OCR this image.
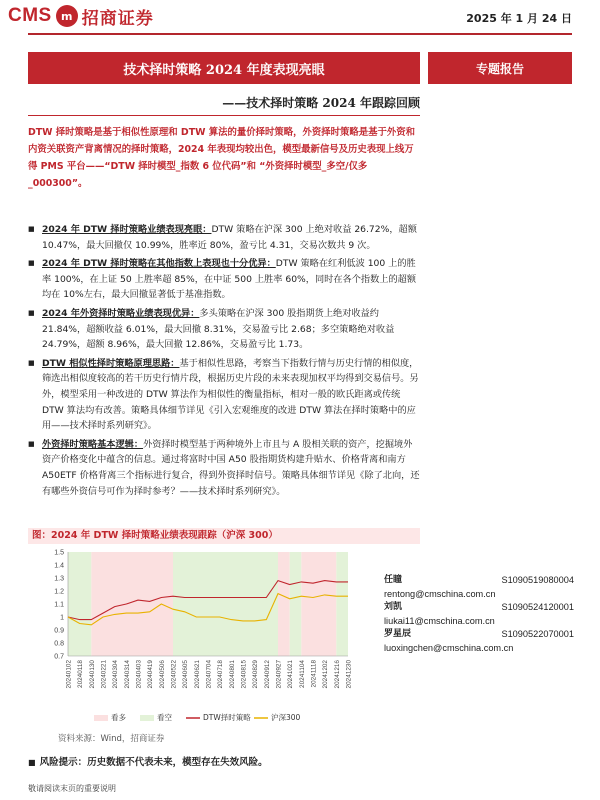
CMS m 招商证券	2025 年 1 月 24 日
技术择时策略 2024 年度表现亮眼	专题报告
——技术择时策略 2024 年跟踪回顾
DTW 择时策略是基于相似性原理和 DTW 算法的量价择时策略，外资择时策略是基于外资和内资关联资产背离情况的择时策略，2024 年表现均较出色，模型最新信号及历史表现上线万得 PMS 平台——“DTW 择时模型_指数 6 位代码”和 “外资择时模型_多空/仅多_000300”。
■ 2024 年 DTW 择时策略业绩表现亮眼：DTW 策略在沪深 300 上绝对收益 26.72%，超额 10.47%，最大回撤仅 10.99%，胜率近 80%，盈亏比 4.31，交易次数共 9 次。
■ 2024 年 DTW 择时策略在其他指数上表现也十分优异：DTW 策略在红利低波 100 上的胜率 100%，在上证 50 上胜率超 85%，在中证 500 上胜率 60%，同时在各个指数上的超额均在 10%左右，最大回撤显著低于基准指数。
■ 2024 年外资择时策略业绩表现优异：多头策略在沪深 300 股指期货上绝对收益约 21.84%，超额收益 6.01%，最大回撤 8.31%，交易盈亏比 2.68；多空策略绝对收益 24.79%，超额 8.96%，最大回撤 12.86%，交易盈亏比 1.73。
■ DTW 相似性择时策略原理思路：基于相似性思路，考察当下指数行情与历史行情的相似度，筛选出相似度较高的若干历史行情片段，根据历史片段的未来表现加权平均得到交易信号。另外，模型采用一种改进的 DTW 算法作为相似性的衡量指标，相对一般的欧氏距离或传统 DTW 算法均有改善。策略具体细节详见《引入宏观维度的改进 DTW 算法在择时策略中的应用——技术择时系列研究》。
■ 外资择时策略基本逻辑：外资择时模型基于两种境外上市且与 A 股相关联的资产，挖掘境外资产价格变化中蕴含的信息。通过将富时中国 A50 股指期货构建升贴水、价格背离和南方 A50ETF 价格背离三个指标进行复合，得到外资择时信号。策略具体细节详见《除了北向，还有哪些外资信号可作为择时参考？——技术择时系列研究》。
图：2024 年 DTW 择时策略业绩表现跟踪（沪深 300）
0.7
0.8
0.9
1
1.1
1.2
1.3
1.4
1.5
20240102 20240118 20240130 20240221 20240304 20240314 20240403 20240419 20240506 20240522 20240605 20240621 20240704 20240718 20240801 20240815 20240829 20240912 20240927 20241021 20241104 20241118 20241202 20241216 20241230
看多	看空	DTW择时策略	沪深300
资料来源：Wind，招商证券
任瞳	S1090519080004
rentong@cmschina.com.cn
刘凯	S1090524120001
liukai11@cmschina.com.cn
罗星辰	S1090522070001
luoxingchen@cmschina.com.cn
■ 风险提示：历史数据不代表未来，模型存在失效风险。
敬请阅读末页的重要说明
